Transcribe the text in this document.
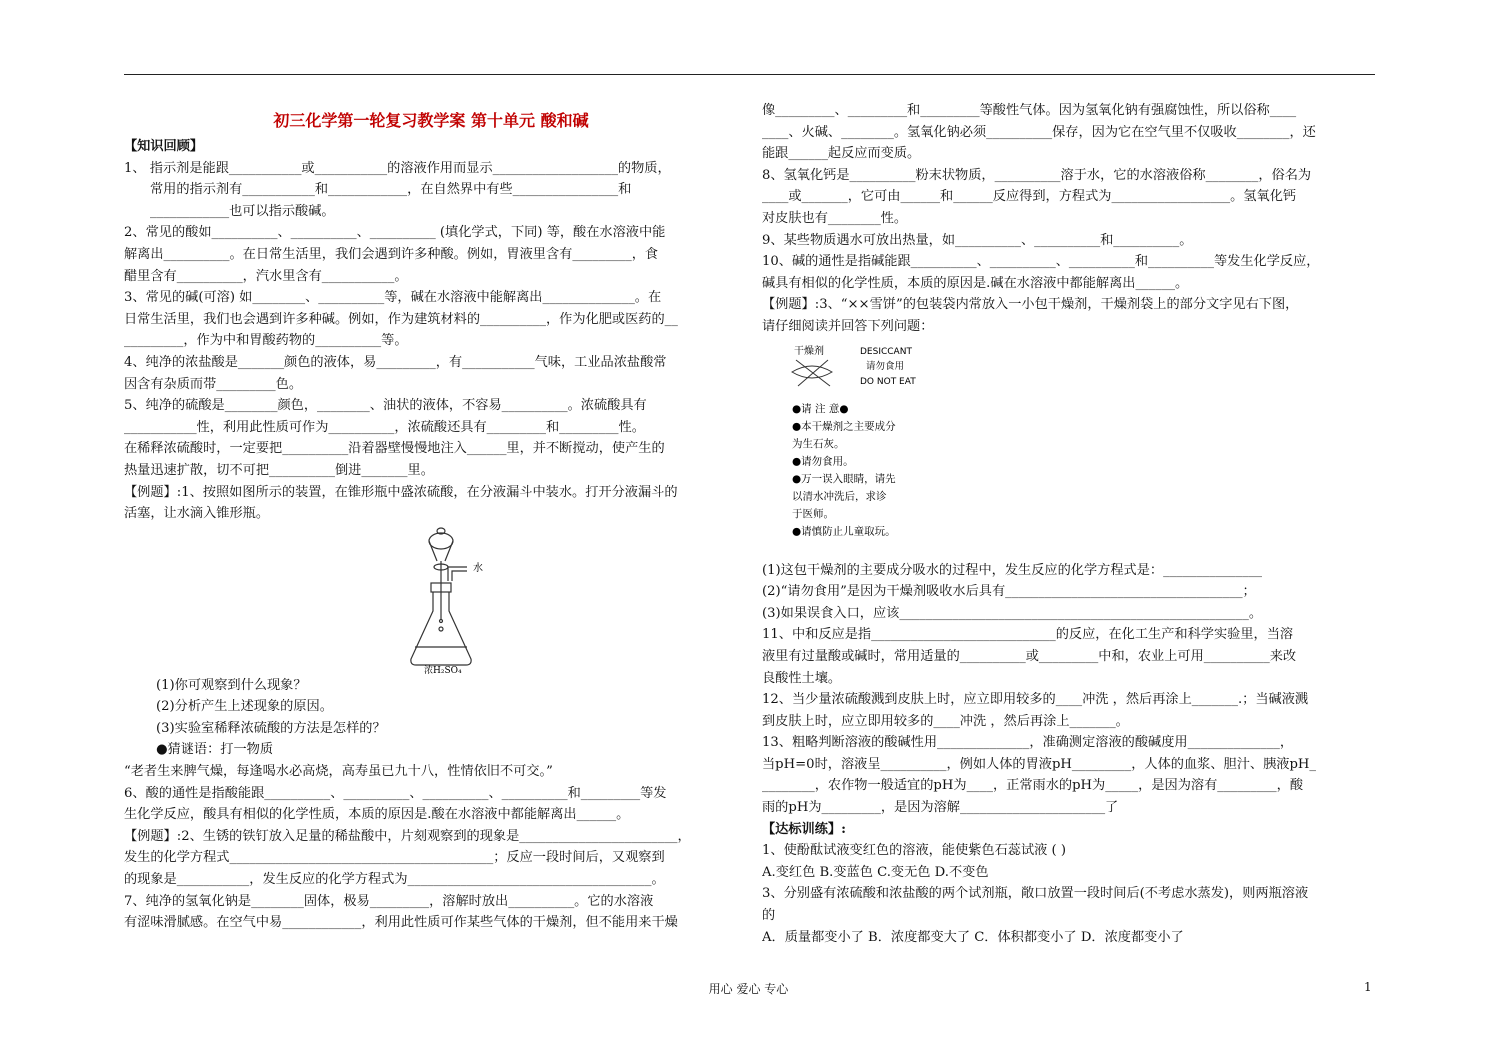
初三化学第一轮复习教学案 第十单元 酸和碱
【知识回顾】
1、 指示剂是能跟___________或___________的溶液作用而显示___________________的物质，
常用的指示剂有___________和____________，在自然界中有些________________和
____________也可以指示酸碱。
2、常见的酸如__________、__________、__________ (填化学式，下同) 等，酸在水溶液中能
解离出__________。在日常生活里，我们会遇到许多种酸。例如，胃液里含有_________，食
醋里含有__________，汽水里含有___________。
3、常见的碱(可溶) 如________、__________等，碱在水溶液中能解离出______________。在
日常生活里，我们也会遇到许多种碱。例如，作为建筑材料的__________，作为化肥或医药的__
_________，作为中和胃酸药物的__________等。
4、纯净的浓盐酸是_______颜色的液体，易_________，有___________气味，工业品浓盐酸常
因含有杂质而带_________色。
5、纯净的硫酸是________颜色，________、油状的液体，不容易__________。浓硫酸具有
___________性，利用此性质可作为__________，浓硫酸还具有_________和_________性。
在稀释浓硫酸时，一定要把__________沿着器壁慢慢地注入______里，并不断搅动，使产生的
热量迅速扩散，切不可把__________倒进_______里。
【例题】:1、按照如图所示的装置，在锥形瓶中盛浓硫酸，在分液漏斗中装水。打开分液漏斗的
活塞，让水滴入锥形瓶。
水
浓H₂SO₄
(1)你可观察到什么现象？
(2)分析产生上述现象的原因。
(3)实验室稀释浓硫酸的方法是怎样的？
●猜谜语：打一物质
“老者生来脾气燥，每逢喝水必高烧，高寿虽已九十八，性情依旧不可交。”
6、酸的通性是指酸能跟__________、__________、__________、__________和_________等发
生化学反应，酸具有相似的化学性质，本质的原因是.酸在水溶液中都能解离出______。
【例题】:2、生锈的铁钉放入足量的稀盐酸中，片刻观察到的现象是________________________，
发生的化学方程式________________________________________；反应一段时间后，又观察到
的现象是___________，发生反应的化学方程式为_____________________________________。
7、纯净的氢氧化钠是________固体，极易_________，溶解时放出__________。它的水溶液
有涩味滑腻感。在空气中易____________，利用此性质可作某些气体的干燥剂，但不能用来干燥
像_________、_________和_________等酸性气体。因为氢氧化钠有强腐蚀性，所以俗称____
____、火碱、________。氢氧化钠必须__________保存，因为它在空气里不仅吸收________，还
能跟______起反应而变质。
8、氢氧化钙是__________粉末状物质，__________溶于水，它的水溶液俗称________，俗名为
____或_______，它可由______和______反应得到，方程式为__________________。氢氧化钙
对皮肤也有________性。
9、某些物质遇水可放出热量，如__________、__________和__________。
10、碱的通性是指碱能跟__________、__________、__________和__________等发生化学反应，
碱具有相似的化学性质，本质的原因是.碱在水溶液中都能解离出______。
【例题】:3、“××雪饼”的包装袋内常放入一小包干燥剂，干燥剂袋上的部分文字见右下图，
请仔细阅读并回答下列问题：
干燥剂	DESICCANT
请勿食用
DO NOT EAT
●请 注 意●
●本干燥剂之主要成分
为生石灰。
●请勿食用。
●万一误入眼睛，请先
以清水冲洗后，求诊
于医师。
●请慎防止儿童取玩。
(1)这包干燥剂的主要成分吸水的过程中，发生反应的化学方程式是：_______________
(2)“请勿食用”是因为干燥剂吸收水后具有____________________________________；
(3)如果误食入口，应该_____________________________________________________。
11、中和反应是指____________________________的反应，在化工生产和科学实验里，当溶
液里有过量酸或碱时，常用适量的__________或_________中和，农业上可用__________来改
良酸性土壤。
12、当少量浓硫酸溅到皮肤上时，应立即用较多的____冲洗 ，然后再涂上_______.；当碱液溅
到皮肤上时，应立即用较多的____冲洗 ，然后再涂上_______。
13、粗略判断溶液的酸碱性用______________，准确测定溶液的酸碱度用______________，
当pH=0时，溶液呈__________，例如人体的胃液pH_________，人体的血浆、胆汁、胰液pH_
________，农作物一般适宜的pH为____，正常雨水的pH为_____，是因为溶有_________，酸
雨的pH为_________，是因为溶解______________________了
【达标训练】:
1、使酚酞试液变红色的溶液，能使紫色石蕊试液 ( )
A.变红色 B.变蓝色 C.变无色 D.不变色
3、分别盛有浓硫酸和浓盐酸的两个试剂瓶，敞口放置一段时间后(不考虑水蒸发)，则两瓶溶液
的
A．质量都变小了 B．浓度都变大了 C．体积都变小了 D．浓度都变小了
用心 爱心 专心	1
